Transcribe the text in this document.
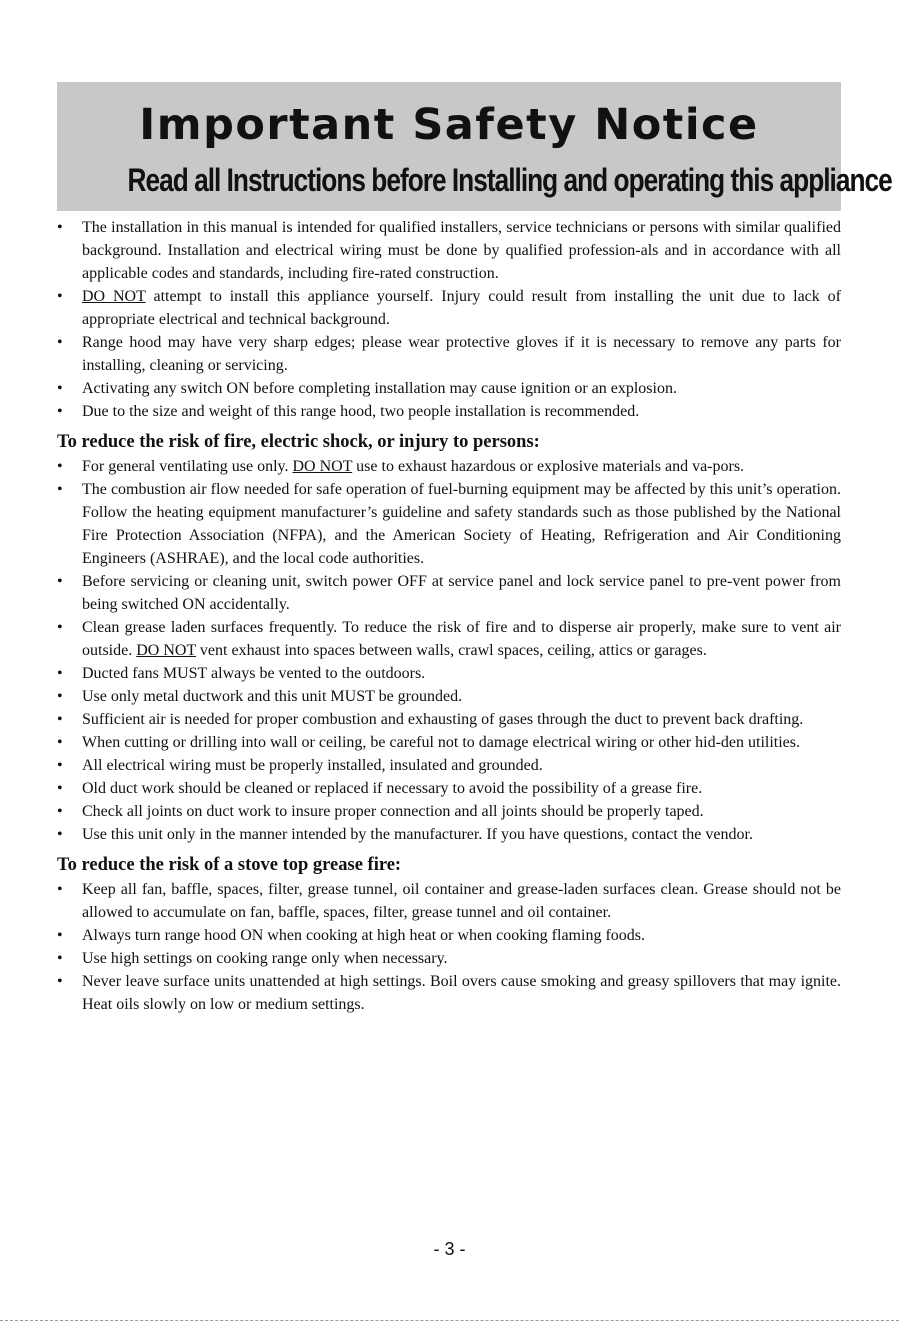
Important Safety Notice
Read all Instructions before Installing and operating this appliance
•	The installation in this manual is intended for qualified installers, service technicians or persons with similar qualified background. Installation and electrical wiring must be done by qualified profession-als and in accordance with all applicable codes and standards, including fire-rated construction.
•	DO NOT attempt to install this appliance yourself. Injury could result from installing the unit due to lack of appropriate electrical and technical background.
•	Range hood may have very sharp edges; please wear protective gloves if it is necessary to remove any parts for installing, cleaning or servicing.
•	Activating any switch ON before completing installation may cause ignition or an explosion.
•	Due to the size and weight of this range hood, two people installation is recommended.
To reduce the risk of fire, electric shock, or injury to persons:
•	For general ventilating use only. DO NOT use to exhaust hazardous or explosive materials and va-pors.
•	The combustion air flow needed for safe operation of fuel-burning equipment may be affected by this unit’s operation. Follow the heating equipment manufacturer’s guideline and safety standards such as those published by the National Fire Protection Association (NFPA), and the American Society of Heating, Refrigeration and Air Conditioning Engineers (ASHRAE), and the local code authorities.
•	Before servicing or cleaning unit, switch power OFF at service panel and lock service panel to pre-vent power from being switched ON accidentally.
•	Clean grease laden surfaces frequently. To reduce the risk of fire and to disperse air properly, make sure to vent air outside. DO NOT vent exhaust into spaces between walls, crawl spaces, ceiling, attics or garages.
•	Ducted fans MUST always be vented to the outdoors.
•	Use only metal ductwork and this unit MUST be grounded.
•	Sufficient air is needed for proper combustion and exhausting of gases through the duct to prevent back drafting.
•	When cutting or drilling into wall or ceiling, be careful not to damage electrical wiring or other hid-den utilities.
•	All electrical wiring must be properly installed, insulated and grounded.
•	Old duct work should be cleaned or replaced if necessary to avoid the possibility of a grease fire.
•	Check all joints on duct work to insure proper connection and all joints should be properly taped.
•	Use this unit only in the manner intended by the manufacturer. If you have questions, contact the vendor.
To reduce the risk of a stove top grease fire:
•	Keep all fan, baffle, spaces, filter, grease tunnel, oil container and grease-laden surfaces clean. Grease should not be allowed to accumulate on fan, baffle, spaces, filter, grease tunnel and oil container.
•	Always turn range hood ON when cooking at high heat or when cooking flaming foods.
•	Use high settings on cooking range only when necessary.
•	Never leave surface units unattended at high settings. Boil overs cause smoking and greasy spillovers that may ignite. Heat oils slowly on low or medium settings.
- 3 -
